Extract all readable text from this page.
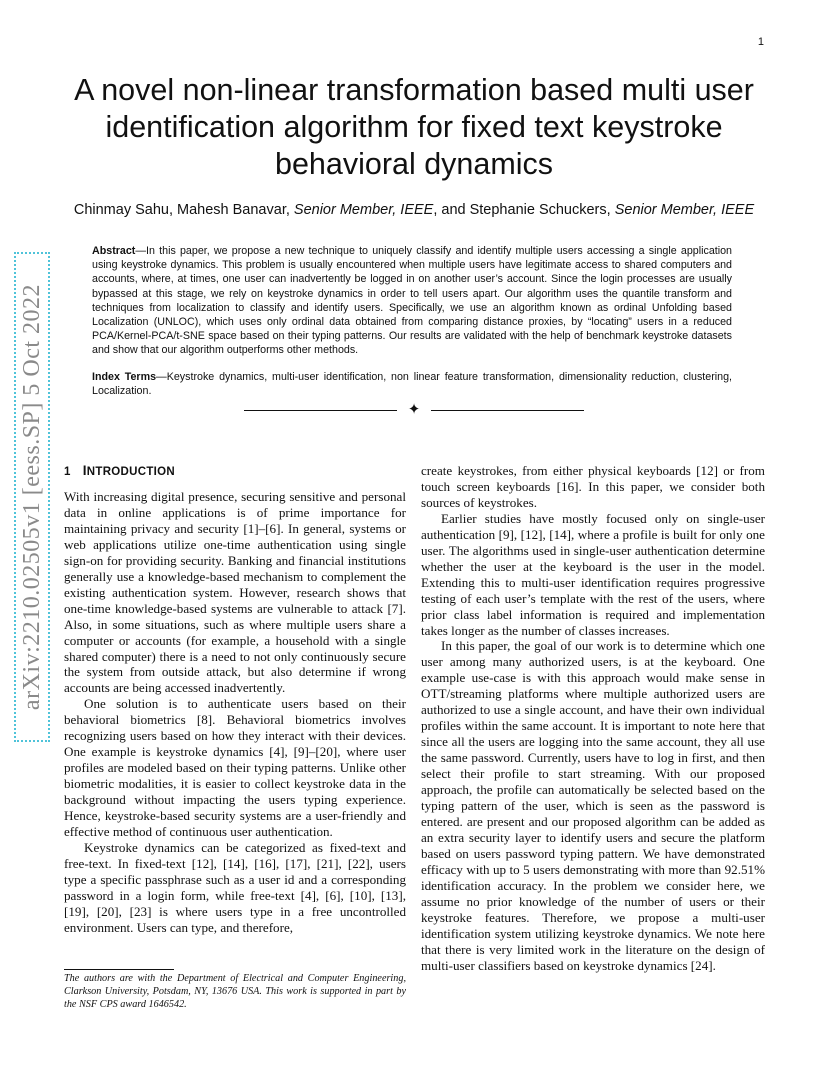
1
arXiv:2210.02505v1 [eess.SP] 5 Oct 2022
A novel non-linear transformation based multi user identification algorithm for fixed text keystroke behavioral dynamics
Chinmay Sahu, Mahesh Banavar, Senior Member, IEEE, and Stephanie Schuckers, Senior Member, IEEE

Abstract—In this paper, we propose a new technique to uniquely classify and identify multiple users accessing a single application using keystroke dynamics. This problem is usually encountered when multiple users have legitimate access to shared computers and accounts, where, at times, one user can inadvertently be logged in on another user’s account. Since the login processes are usually bypassed at this stage, we rely on keystroke dynamics in order to tell users apart. Our algorithm uses the quantile transform and techniques from localization to classify and identify users. Specifically, we use an algorithm known as ordinal Unfolding based Localization (UNLOC), which uses only ordinal data obtained from comparing distance proxies, by “locating” users in a reduced PCA/Kernel-PCA/t-SNE space based on their typing patterns. Our results are validated with the help of benchmark keystroke datasets and show that our algorithm outperforms other methods.

Index Terms—Keystroke dynamics, multi-user identification, non linear feature transformation, dimensionality reduction, clustering, Localization.

✦
1 INTRODUCTION

With increasing digital presence, securing sensitive and personal data in online applications is of prime importance for maintaining privacy and security [1]–[6]. In general, systems or web applications utilize one-time authentication using single sign-on for providing security. Banking and financial institutions generally use a knowledge-based mechanism to complement the existing authentication system. However, research shows that one-time knowledge-based systems are vulnerable to attack [7]. Also, in some situations, such as where multiple users share a computer or accounts (for example, a household with a single shared computer) there is a need to not only continuously secure the system from outside attack, but also determine if wrong accounts are being accessed inadvertently.

One solution is to authenticate users based on their behavioral biometrics [8]. Behavioral biometrics involves recognizing users based on how they interact with their devices. One example is keystroke dynamics [4], [9]–[20], where user profiles are modeled based on their typing patterns. Unlike other biometric modalities, it is easier to collect keystroke data in the background without impacting the users typing experience. Hence, keystroke-based security systems are a user-friendly and effective method of continuous user authentication.

Keystroke dynamics can be categorized as fixed-text and free-text. In fixed-text [12], [14], [16], [17], [21], [22], users type a specific passphrase such as a user id and a corresponding password in a login form, while free-text [4], [6], [10], [13], [19], [20], [23] is where users type in a free uncontrolled environment. Users can type, and therefore,

create keystrokes, from either physical keyboards [12] or from touch screen keyboards [16]. In this paper, we consider both sources of keystrokes.

Earlier studies have mostly focused only on single-user authentication [9], [12], [14], where a profile is built for only one user. The algorithms used in single-user authentication determine whether the user at the keyboard is the user in the model. Extending this to multi-user identification requires progressive testing of each user’s template with the rest of the users, where prior class label information is required and implementation takes longer as the number of classes increases.

In this paper, the goal of our work is to determine which one user among many authorized users, is at the keyboard. One example use-case is with this approach would make sense in OTT/streaming platforms where multiple authorized users are authorized to use a single account, and have their own individual profiles within the same account. It is important to note here that since all the users are logging into the same account, they all use the same password. Currently, users have to log in first, and then select their profile to start streaming. With our proposed approach, the profile can automatically be selected based on the typing pattern of the user, which is seen as the password is entered. are present and our proposed algorithm can be added as an extra security layer to identify users and secure the platform based on users password typing pattern. We have demonstrated efficacy with up to 5 users demonstrating with more than 92.51% identification accuracy. In the problem we consider here, we assume no prior knowledge of the number of users or their keystroke features. Therefore, we propose a multi-user identification system utilizing keystroke dynamics. We note here that there is very limited work in the literature on the design of multi-user classifiers based on keystroke dynamics [24].

The authors are with the Department of Electrical and Computer Engineering, Clarkson University, Potsdam, NY, 13676 USA. This work is supported in part by the NSF CPS award 1646542.
